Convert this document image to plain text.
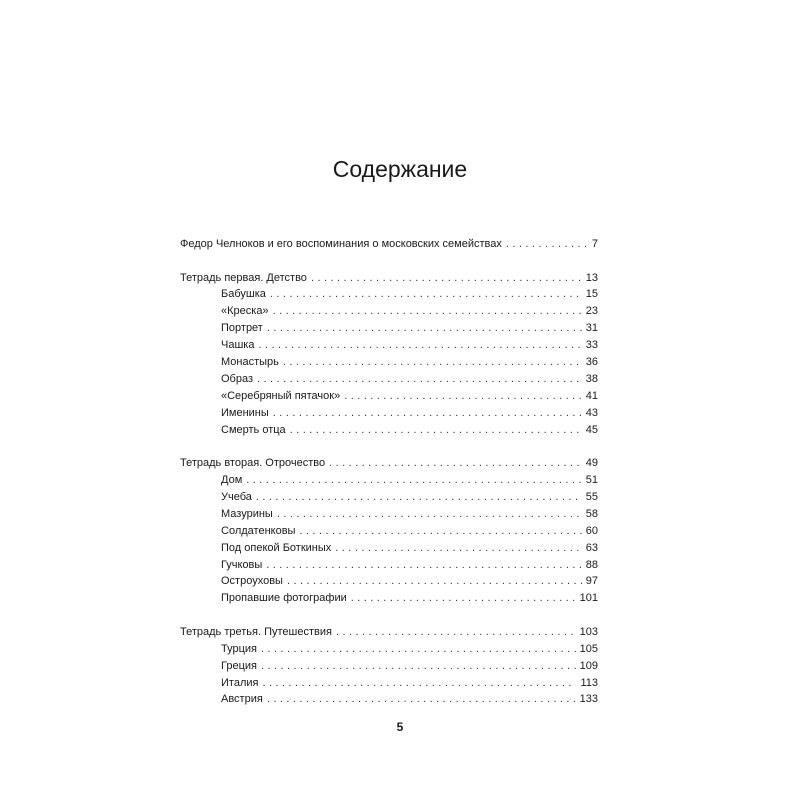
Содержание
Федор Челноков и его воспоминания о московских семействах . . .	7
Тетрадь первая. Детство . . .	13
Бабушка . . .	15
«Креска» . . .	23
Портрет . . .	31
Чашка . . .	33
Монастырь . . .	36
Образ . . .	38
«Серебряный пятачок» . . .	41
Именины . . .	43
Смерть отца . . .	45
Тетрадь вторая. Отрочество . . .	49
Дом . . .	51
Учеба . . .	55
Мазурины . . .	58
Солдатенковы . . .	60
Под опекой Боткиных . . .	63
Гучковы . . .	88
Остроуховы . . .	97
Пропавшие фотографии . . .	101
Тетрадь третья. Путешествия . . .	103
Турция . . .	105
Греция . . .	109
Италия . . .	113
Австрия . . .	133
5
